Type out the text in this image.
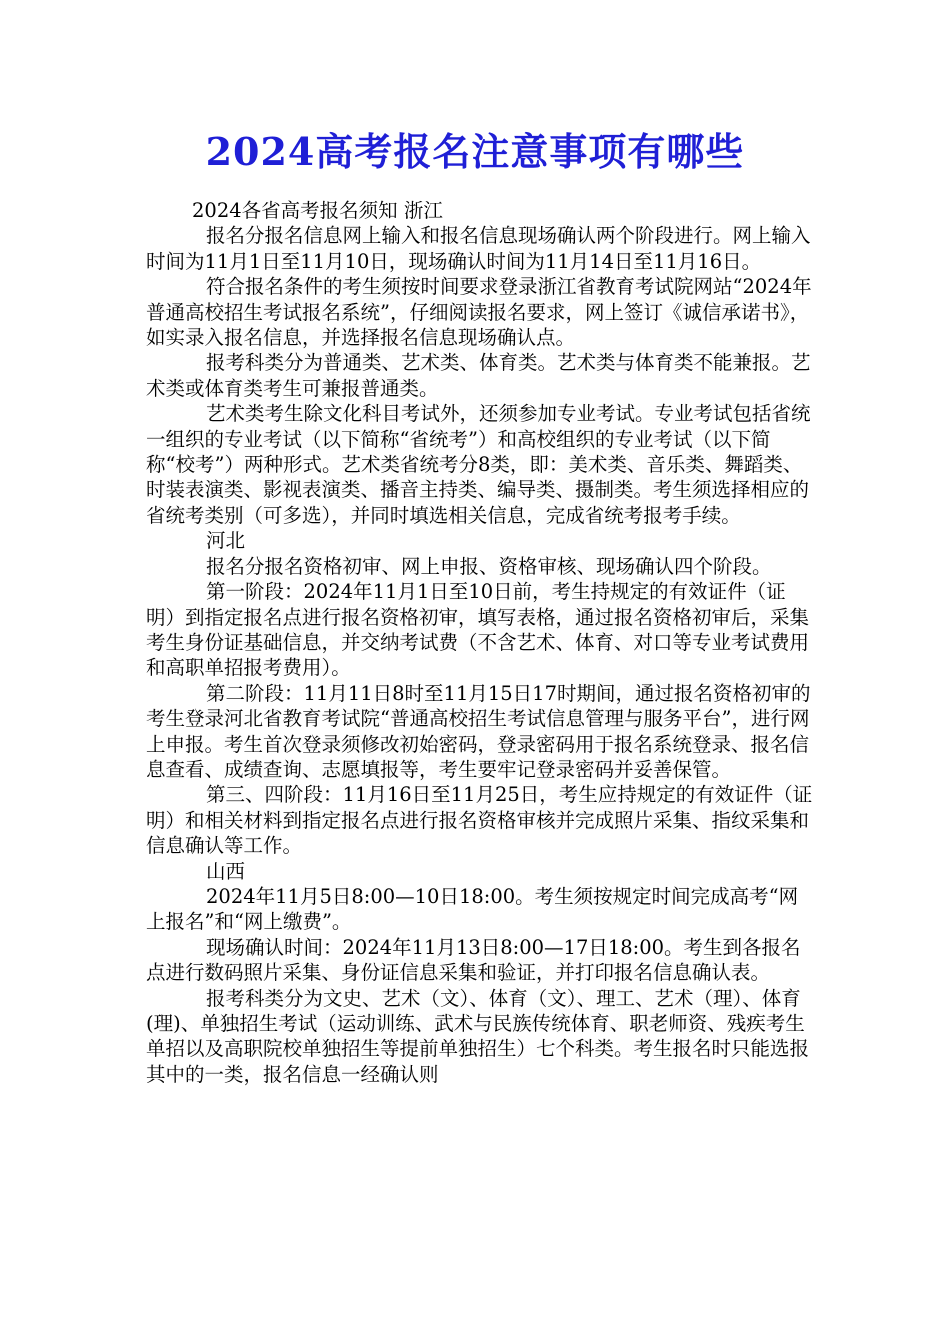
2024高考报名注意事项有哪些
2024各省高考报名须知 浙江
报名分报名信息网上输入和报名信息现场确认两个阶段进行。网上输入时间为11月1日至11月10日，现场确认时间为11月14日至11月16日。
符合报名条件的考生须按时间要求登录浙江省教育考试院网站“2024年普通高校招生考试报名系统”，仔细阅读报名要求，网上签订《诚信承诺书》，如实录入报名信息，并选择报名信息现场确认点。
报考科类分为普通类、艺术类、体育类。艺术类与体育类不能兼报。艺术类或体育类考生可兼报普通类。
艺术类考生除文化科目考试外，还须参加专业考试。专业考试包括省统一组织的专业考试（以下简称“省统考”）和高校组织的专业考试（以下简称“校考”）两种形式。艺术类省统考分8类，即：美术类、音乐类、舞蹈类、时装表演类、影视表演类、播音主持类、编导类、摄制类。考生须选择相应的省统考类别（可多选），并同时填选相关信息，完成省统考报考手续。
河北
报名分报名资格初审、网上申报、资格审核、现场确认四个阶段。
第一阶段：2024年11月1日至10日前，考生持规定的有效证件（证明）到指定报名点进行报名资格初审，填写表格，通过报名资格初审后，采集考生身份证基础信息，并交纳考试费（不含艺术、体育、对口等专业考试费用和高职单招报考费用）。
第二阶段：11月11日8时至11月15日17时期间，通过报名资格初审的考生登录河北省教育考试院“普通高校招生考试信息管理与服务平台”，进行网上申报。考生首次登录须修改初始密码，登录密码用于报名系统登录、报名信息查看、成绩查询、志愿填报等，考生要牢记登录密码并妥善保管。
第三、四阶段：11月16日至11月25日，考生应持规定的有效证件（证明）和相关材料到指定报名点进行报名资格审核并完成照片采集、指纹采集和信息确认等工作。
山西
2024年11月5日8:00—10日18:00。考生须按规定时间完成高考“网上报名”和“网上缴费”。
现场确认时间：2024年11月13日8:00—17日18:00。考生到各报名点进行数码照片采集、身份证信息采集和验证，并打印报名信息确认表。
报考科类分为文史、艺术（文）、体育（文）、理工、艺术（理）、体育(理)、单独招生考试（运动训练、武术与民族传统体育、职老师资、残疾考生单招以及高职院校单独招生等提前单独招生）七个科类。考生报名时只能选报其中的一类，报名信息一经确认则
